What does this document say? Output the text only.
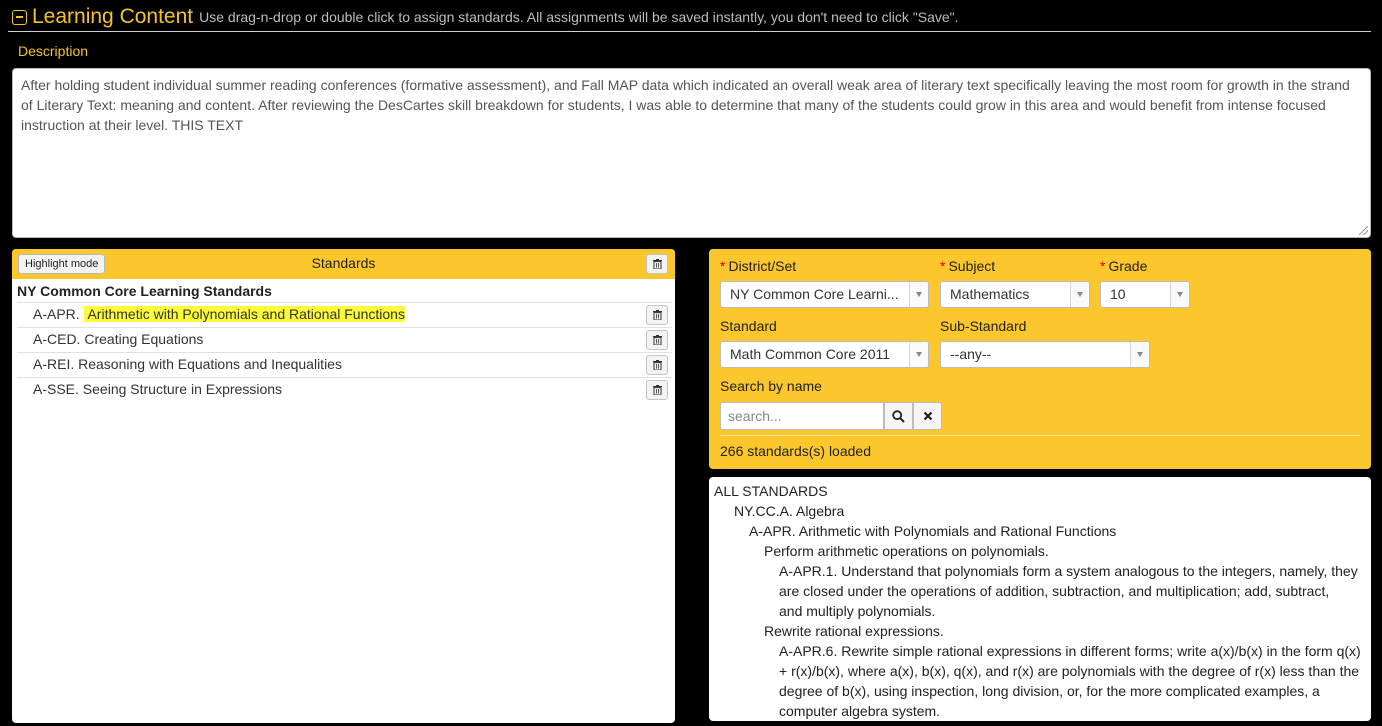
Learning Content Use drag-n-drop or double click to assign standards. All assignments will be saved instantly, you don't need to click "Save".
Description
After holding student individual summer reading conferences (formative assessment), and Fall MAP data which indicated an overall weak area of literary text specifically leaving the most room for growth in the strand of Literary Text: meaning and content. After reviewing the DesCartes skill breakdown for students, I was able to determine that many of the students could grow in this area and would benefit from intense focused instruction at their level. THIS TEXT
Highlight mode	Standards
NY Common Core Learning Standards
A-APR. Arithmetic with Polynomials and Rational Functions
A-CED. Creating Equations
A-REI. Reasoning with Equations and Inequalities
A-SSE. Seeing Structure in Expressions
* District/Set	* Subject	* Grade
NY Common Core Learni...	Mathematics	10
Standard	Sub-Standard
Math Common Core 2011	--any--
Search by name
search...
266 standards(s) loaded
ALL STANDARDS
NY.CC.A. Algebra
A-APR. Arithmetic with Polynomials and Rational Functions
Perform arithmetic operations on polynomials.
A-APR.1. Understand that polynomials form a system analogous to the integers, namely, they
are closed under the operations of addition, subtraction, and multiplication; add, subtract,
and multiply polynomials.
Rewrite rational expressions.
A-APR.6. Rewrite simple rational expressions in different forms; write a(x)/b(x) in the form q(x)
+ r(x)/b(x), where a(x), b(x), q(x), and r(x) are polynomials with the degree of r(x) less than the
degree of b(x), using inspection, long division, or, for the more complicated examples, a
computer algebra system.
